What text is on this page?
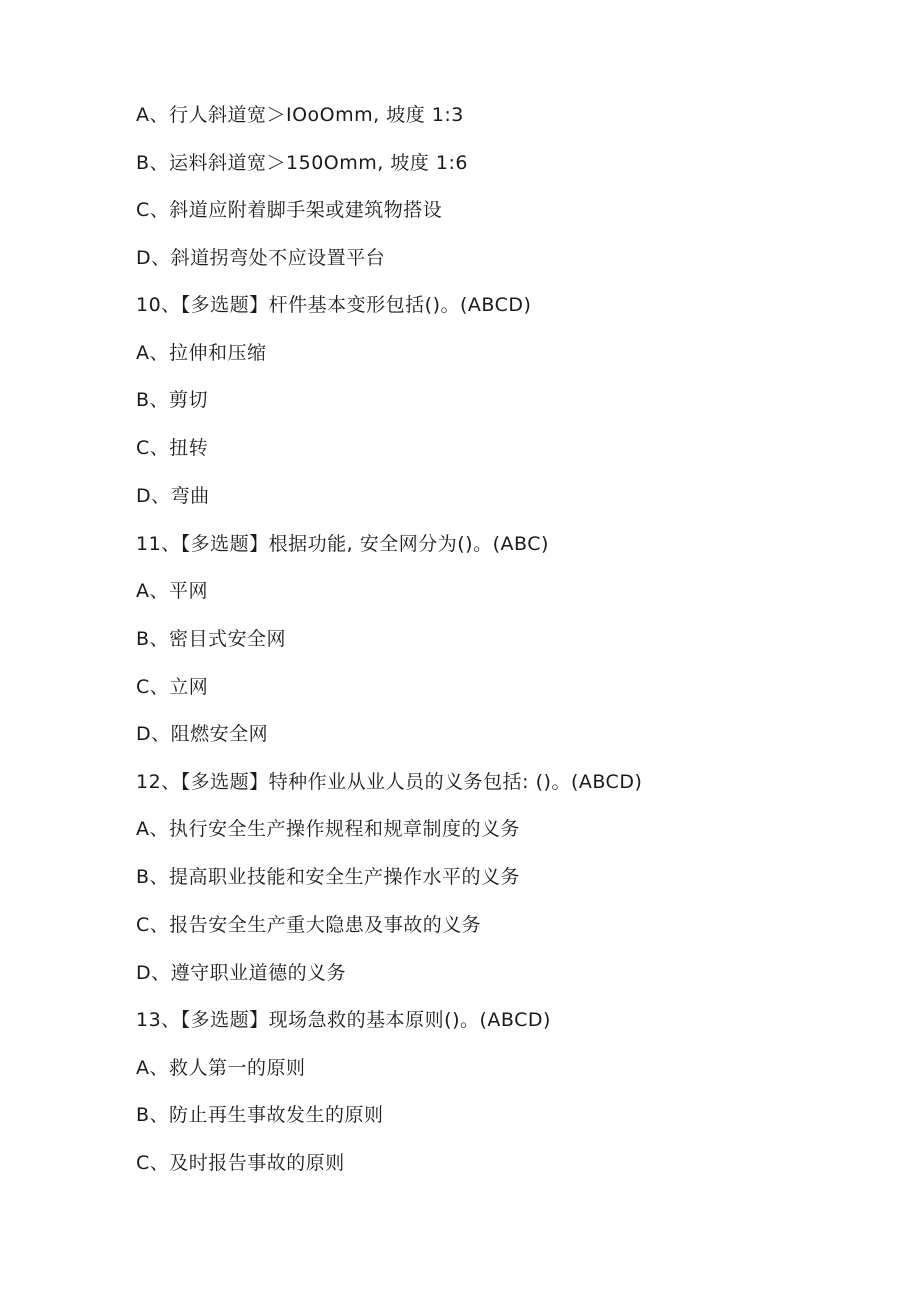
A、行人斜道宽＞IOoOmm, 坡度 1:3
B、运料斜道宽＞150Omm, 坡度 1:6
C、斜道应附着脚手架或建筑物搭设
D、斜道拐弯处不应设置平台
10、【多选题】杆件基本变形包括()。(ABCD)
A、拉伸和压缩
B、剪切
C、扭转
D、弯曲
11、【多选题】根据功能, 安全网分为()。(ABC)
A、平网
B、密目式安全网
C、立网
D、阻燃安全网
12、【多选题】特种作业从业人员的义务包括: ()。(ABCD)
A、执行安全生产操作规程和规章制度的义务
B、提高职业技能和安全生产操作水平的义务
C、报告安全生产重大隐患及事故的义务
D、遵守职业道德的义务
13、【多选题】现场急救的基本原则()。(ABCD)
A、救人第一的原则
B、防止再生事故发生的原则
C、及时报告事故的原则
